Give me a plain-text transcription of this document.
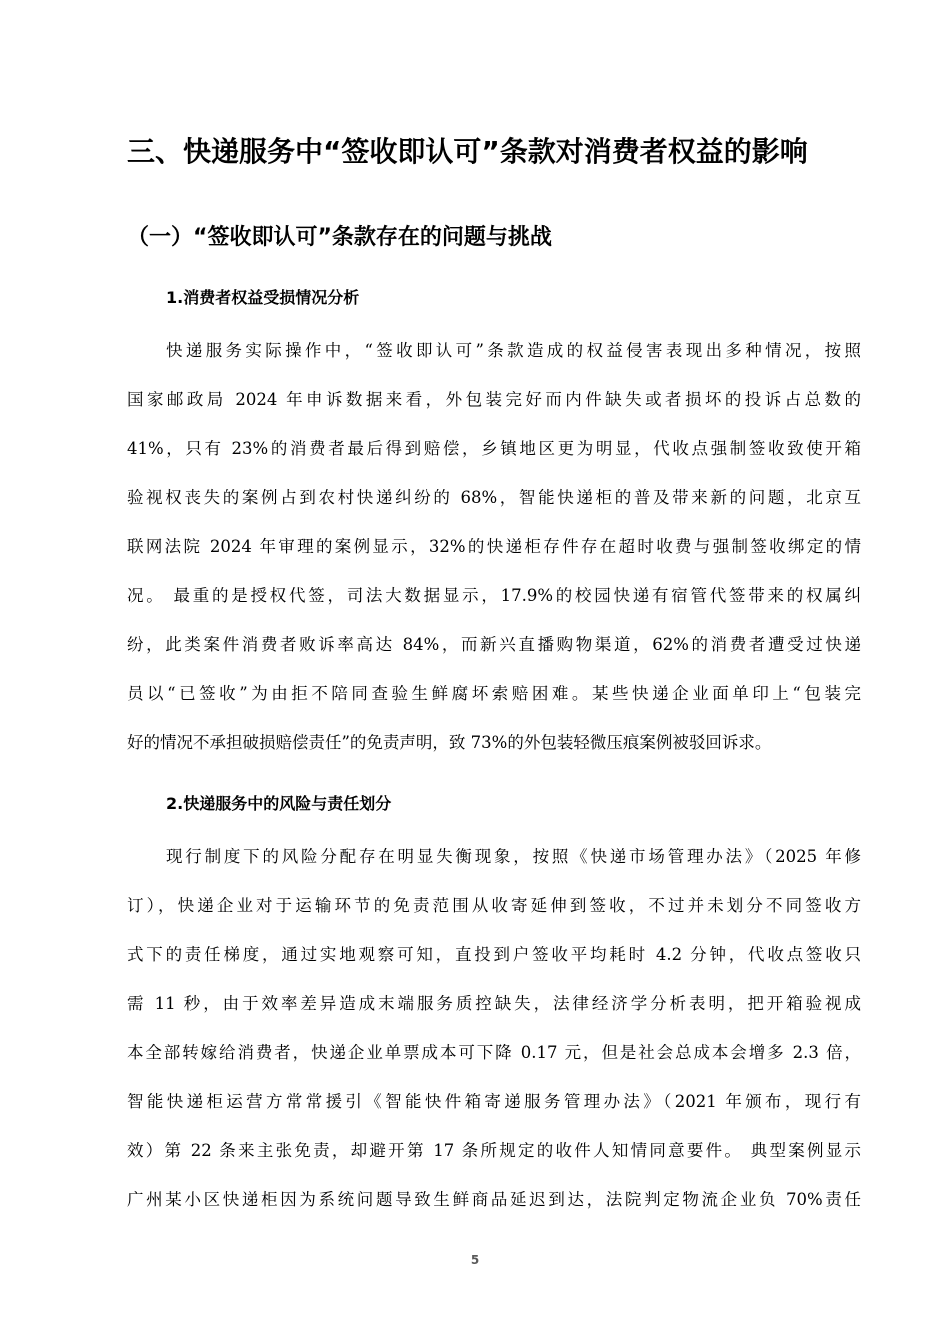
三、快递服务中“签收即认可”条款对消费者权益的影响
（一）“签收即认可”条款存在的问题与挑战
1.消费者权益受损情况分析
快递服务实际操作中，“签收即认可”条款造成的权益侵害表现出多种情况，按照
国家邮政局 2024 年申诉数据来看，外包装完好而内件缺失或者损坏的投诉占总数的
41%，只有 23%的消费者最后得到赔偿，乡镇地区更为明显，代收点强制签收致使开箱
验视权丧失的案例占到农村快递纠纷的 68%，智能快递柜的普及带来新的问题，北京互
联网法院 2024 年审理的案例显示，32%的快递柜存件存在超时收费与强制签收绑定的情
况。 最重的是授权代签，司法大数据显示，17.9%的校园快递有宿管代签带来的权属纠
纷，此类案件消费者败诉率高达 84%，而新兴直播购物渠道，62%的消费者遭受过快递
员以“已签收”为由拒不陪同查验生鲜腐坏索赔困难。某些快递企业面单印上“包装完
好的情况不承担破损赔偿责任”的免责声明，致 73%的外包装轻微压痕案例被驳回诉求。
2.快递服务中的风险与责任划分
现行制度下的风险分配存在明显失衡现象，按照《快递市场管理办法》（2025 年修
订），快递企业对于运输环节的免责范围从收寄延伸到签收，不过并未划分不同签收方
式下的责任梯度，通过实地观察可知，直投到户签收平均耗时 4.2 分钟，代收点签收只
需 11 秒，由于效率差异造成末端服务质控缺失，法律经济学分析表明，把开箱验视成
本全部转嫁给消费者，快递企业单票成本可下降 0.17 元，但是社会总成本会增多 2.3 倍，
智能快递柜运营方常常援引《智能快件箱寄递服务管理办法》（2021 年颁布，现行有
效）第 22 条来主张免责，却避开第 17 条所规定的收件人知情同意要件。 典型案例显示
广州某小区快递柜因为系统问题导致生鲜商品延迟到达，法院判定物流企业负 70%责任
5
